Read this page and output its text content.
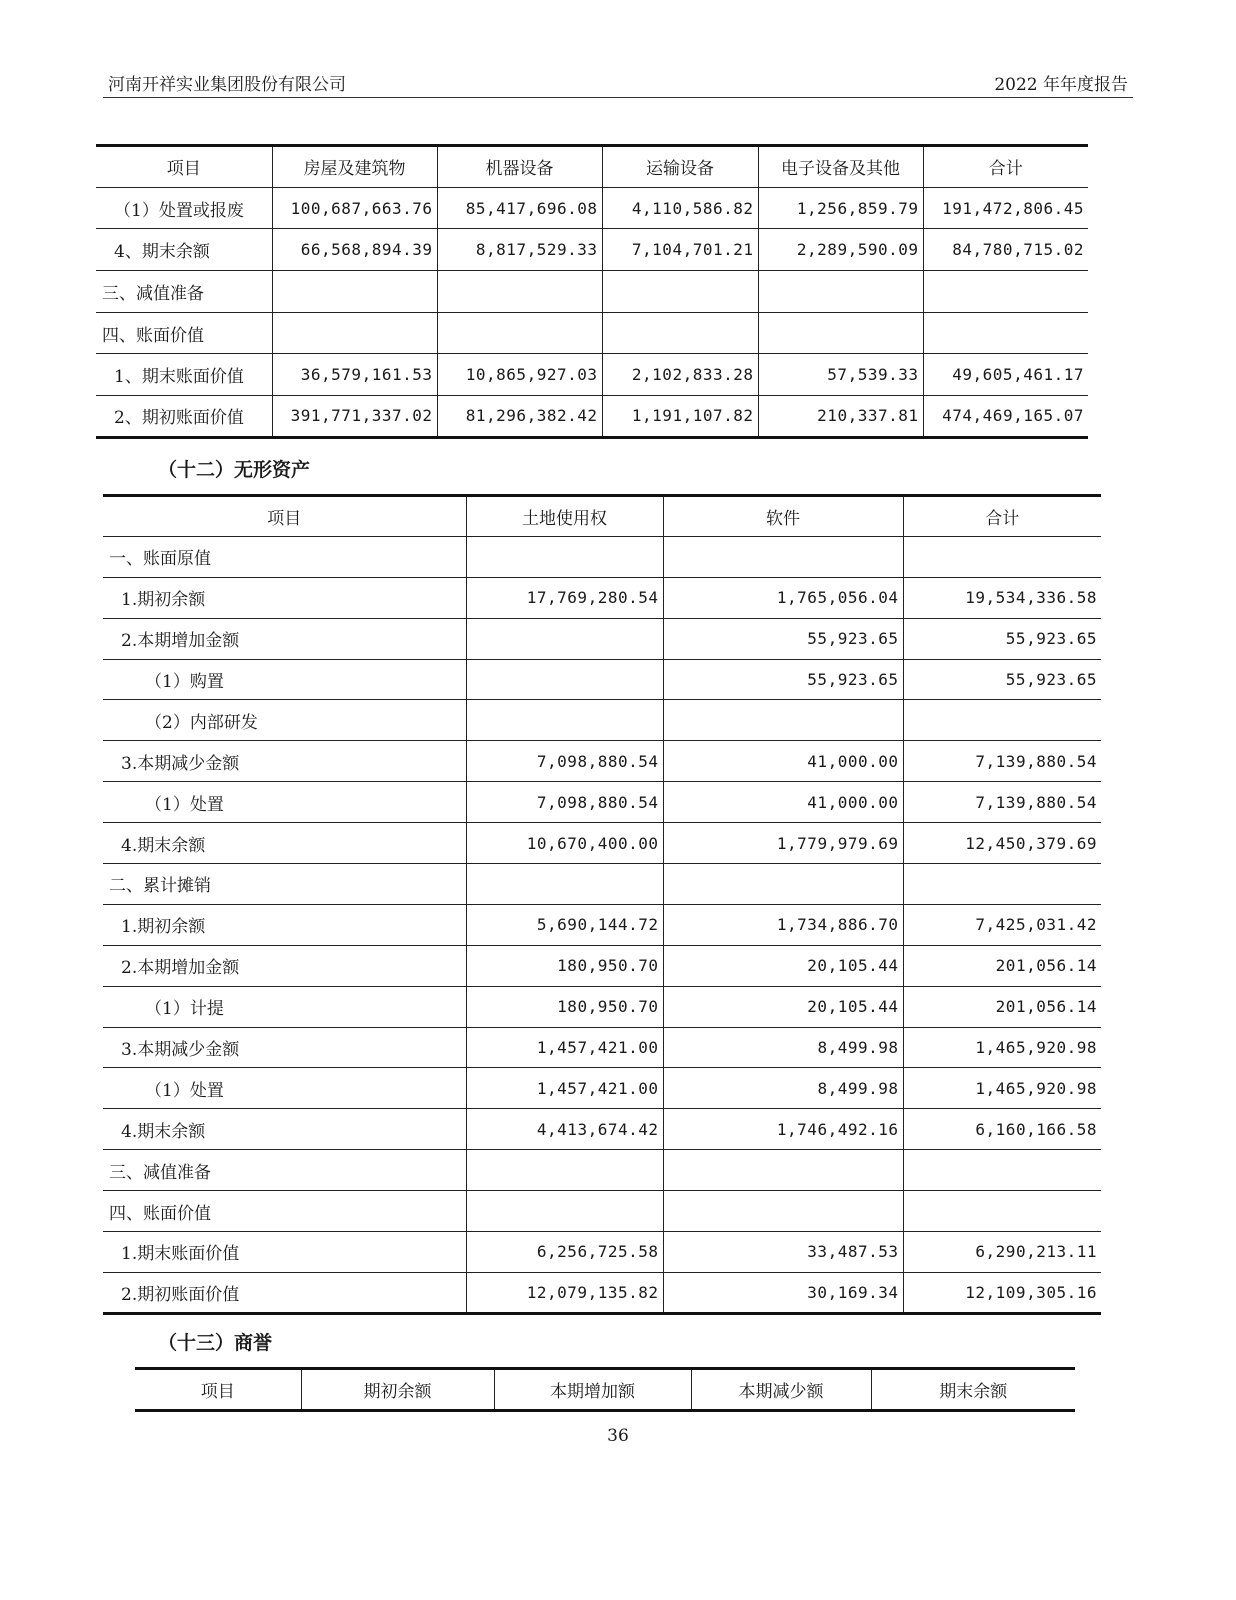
河南开祥实业集团股份有限公司	2022 年年度报告
项目	房屋及建筑物	机器设备	运输设备	电子设备及其他	合计
（1）处置或报废	100,687,663.76	85,417,696.08	4,110,586.82	1,256,859.79	191,472,806.45
4、期末余额	66,568,894.39	8,817,529.33	7,104,701.21	2,289,590.09	84,780,715.02
三、减值准备					
四、账面价值					
1、期末账面价值	36,579,161.53	10,865,927.03	2,102,833.28	57,539.33	49,605,461.17
2、期初账面价值	391,771,337.02	81,296,382.42	1,191,107.82	210,337.81	474,469,165.07
（十二）无形资产
项目	土地使用权	软件	合计
一、账面原值			
1.期初余额	17,769,280.54	1,765,056.04	19,534,336.58
2.本期增加金额		55,923.65	55,923.65
（1）购置		55,923.65	55,923.65
（2）内部研发			
3.本期减少金额	7,098,880.54	41,000.00	7,139,880.54
（1）处置	7,098,880.54	41,000.00	7,139,880.54
4.期末余额	10,670,400.00	1,779,979.69	12,450,379.69
二、累计摊销			
1.期初余额	5,690,144.72	1,734,886.70	7,425,031.42
2.本期增加金额	180,950.70	20,105.44	201,056.14
（1）计提	180,950.70	20,105.44	201,056.14
3.本期减少金额	1,457,421.00	8,499.98	1,465,920.98
（1）处置	1,457,421.00	8,499.98	1,465,920.98
4.期末余额	4,413,674.42	1,746,492.16	6,160,166.58
三、减值准备			
四、账面价值			
1.期末账面价值	6,256,725.58	33,487.53	6,290,213.11
2.期初账面价值	12,079,135.82	30,169.34	12,109,305.16
（十三）商誉
项目	期初余额	本期增加额	本期减少额	期末余额
36
